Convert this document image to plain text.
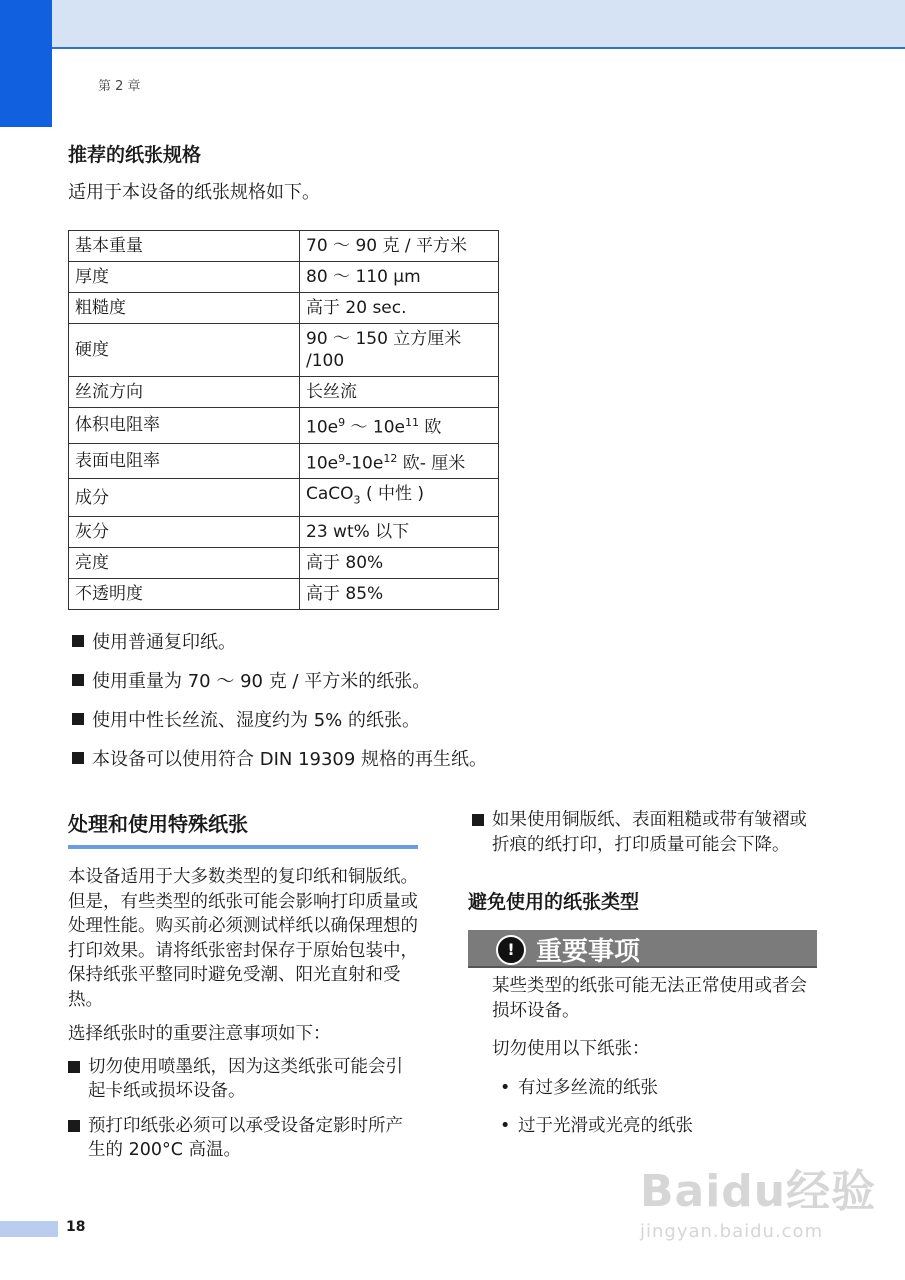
第 2 章
推荐的纸张规格

适用于本设备的纸张规格如下。

基本重量	70 ～ 90 克 / 平方米
厚度	80 ～ 110 μm
粗糙度	高于 20 sec.
硬度	90 ～ 150 立方厘米 /100
丝流方向	长丝流
体积电阻率	$10e^9$ ～ $10e^{11}$ 欧
表面电阻率	$10e^9-10e^{12}$ 欧- 厘米
成分	CaCO$_3$ ( 中性 )
灰分	23 wt% 以下
亮度	高于 80%
不透明度	高于 85%
使用普通复印纸。
使用重量为 70 ～ 90 克 / 平方米的纸张。
使用中性长丝流、湿度约为 5% 的纸张。
本设备可以使用符合 DIN 19309 规格的再生纸。
处理和使用特殊纸张

本设备适用于大多数类型的复印纸和铜版纸。但是，有些类型的纸张可能会影响打印质量或处理性能。购买前必须测试样纸以确保理想的打印效果。请将纸张密封保存于原始包装中，保持纸张平整同时避免受潮、阳光直射和受热。

选择纸张时的重要注意事项如下：

切勿使用喷墨纸，因为这类纸张可能会引起卡纸或损坏设备。
预打印纸张必须可以承受设备定影时所产生的 200°C 高温。
如果使用铜版纸、表面粗糙或带有皱褶或折痕的纸打印，打印质量可能会下降。
避免使用的纸张类型
! 重要事项

某些类型的纸张可能无法正常使用或者会损坏设备。

切勿使用以下纸张：

• 有过多丝流的纸张
• 过于光滑或光亮的纸张
18
Baidu经验
jingyan.baidu.com
